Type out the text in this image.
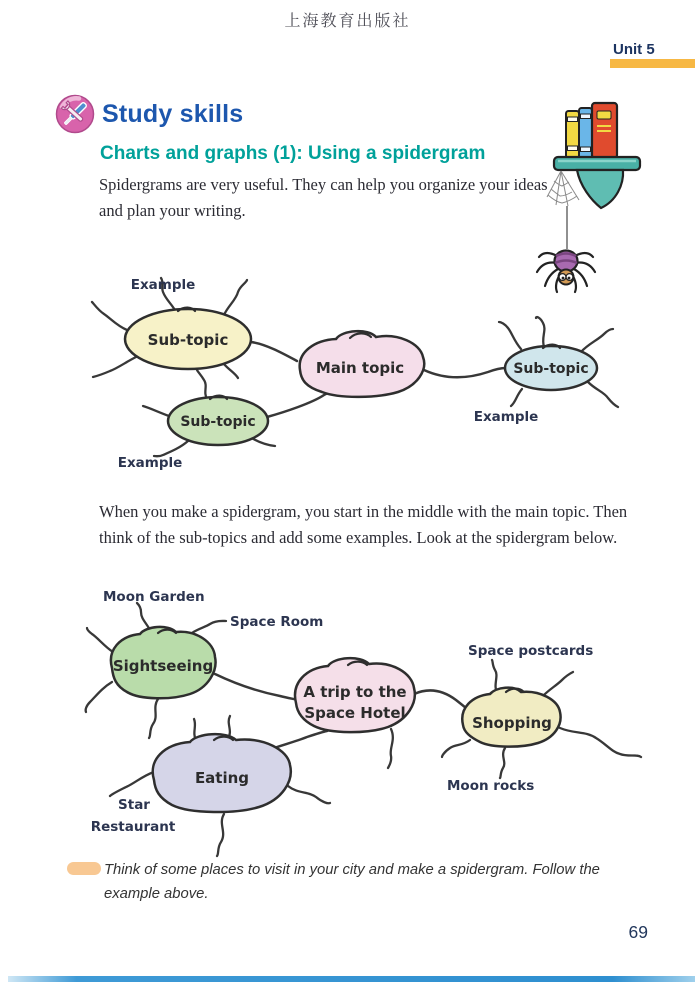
上海教育出版社
Unit 5
Study skills
Charts and graphs (1): Using a spidergram
Spidergrams are very useful. They can help you organize your ideas and plan your writing.
Sub-topic
Sub-topic
Main topic	Sub-topic
Example
Example
Example
When you make a spidergram, you start in the middle with the main topic. Then think of the sub-topics and add some examples. Look at the spidergram below.
Sightseeing
A trip to the
Space Hotel
Shopping
Eating
Moon Garden
Space Room
Space postcards
Moon rocks
Star
Restaurant
Think of some places to visit in your city and make a spidergram. Follow the example above.
69
